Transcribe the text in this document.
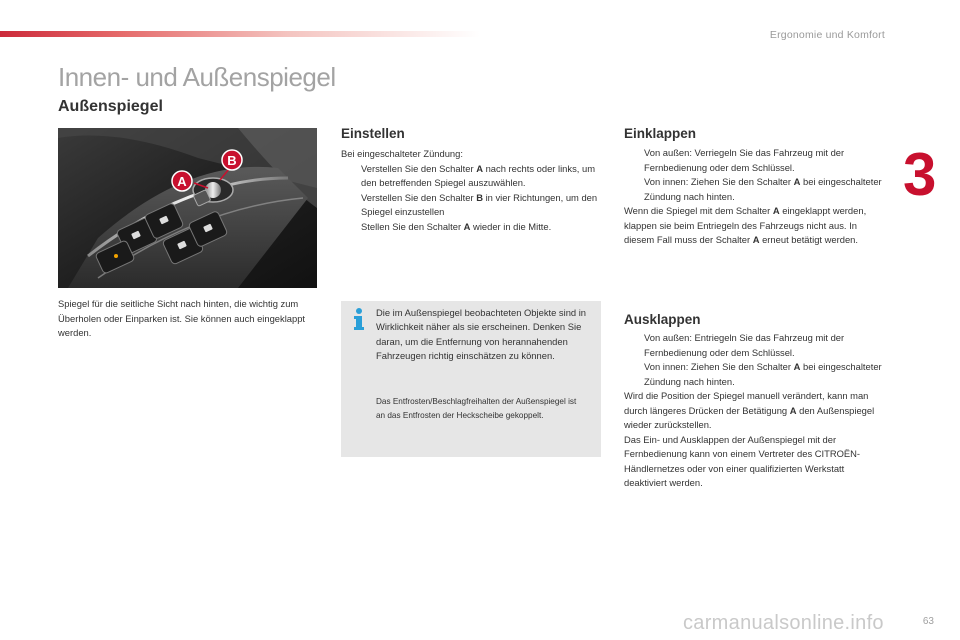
Ergonomie und Komfort
3
Innen- und Außenspiegel
Außenspiegel
A
B

Spiegel für die seitliche Sicht nach hinten, die wichtig zum Überholen oder Einparken ist. Sie können auch eingeklappt werden.

Einstellen

Bei eingeschalteter Zündung:

Verstellen Sie den Schalter A nach rechts oder links, um den betreffenden Spiegel auszuwählen.
Verstellen Sie den Schalter B in vier Richtungen, um den Spiegel einzustellen
Stellen Sie den Schalter A wieder in die Mitte.

Die im Außenspiegel beobachteten Objekte sind in Wirklichkeit näher als sie erscheinen. Denken Sie daran, um die Entfernung von herannahenden Fahrzeugen richtig einschätzen zu können.

Das Entfrosten/Beschlagfreihalten der Außenspiegel ist an das Entfrosten der Heckscheibe gekoppelt.

Einklappen
Von außen: Verriegeln Sie das Fahrzeug mit der Fernbedienung oder dem Schlüssel.
Von innen: Ziehen Sie den Schalter A bei eingeschalteter Zündung nach hinten.

Wenn die Spiegel mit dem Schalter A eingeklappt werden, klappen sie beim Entriegeln des Fahrzeugs nicht aus. In diesem Fall muss der Schalter A erneut betätigt werden.

Ausklappen
Von außen: Entriegeln Sie das Fahrzeug mit der Fernbedienung oder dem Schlüssel.
Von innen: Ziehen Sie den Schalter A bei eingeschalteter Zündung nach hinten.

Wird die Position der Spiegel manuell verändert, kann man durch längeres Drücken der Betätigung A den Außenspiegel wieder zurückstellen.

Das Ein- und Ausklappen der Außenspiegel mit der Fernbedienung kann von einem Vertreter des CITROËN-Händlernetzes oder von einer qualifizierten Werkstatt deaktiviert werden.

carmanualsonline.info	63
